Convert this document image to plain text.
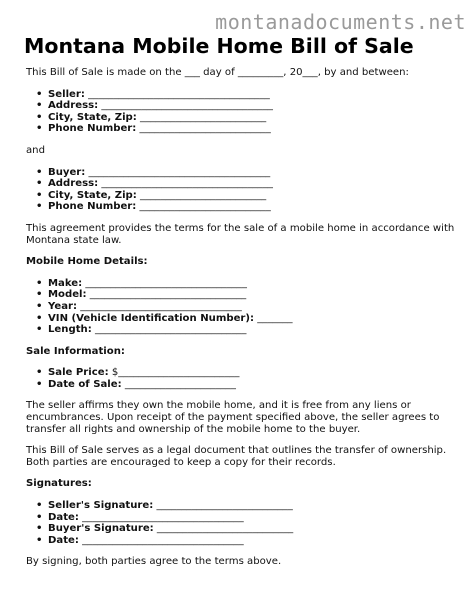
montanadocuments.net
Montana Mobile Home Bill of Sale

This Bill of Sale is made on the ___ day of _________, 20___, by and between:

• Seller: ____________________________________
• Address: __________________________________
• City, State, Zip: _________________________
• Phone Number: __________________________

and

• Buyer: ____________________________________
• Address: __________________________________
• City, State, Zip: _________________________
• Phone Number: __________________________

This agreement provides the terms for the sale of a mobile home in accordance with Montana state law.

Mobile Home Details:

• Make: ________________________________
• Model: _______________________________
• Year: ________________________________
• VIN (Vehicle Identification Number): _______
• Length: ______________________________

Sale Information:

• Sale Price: $________________________
• Date of Sale: ______________________

The seller affirms they own the mobile home, and it is free from any liens or encumbrances. Upon receipt of the payment specified above, the seller agrees to transfer all rights and ownership of the mobile home to the buyer.

This Bill of Sale serves as a legal document that outlines the transfer of ownership. Both parties are encouraged to keep a copy for their records.

Signatures:

• Seller's Signature: ___________________________
• Date: ________________________________
• Buyer's Signature: ___________________________
• Date: ________________________________

By signing, both parties agree to the terms above.
